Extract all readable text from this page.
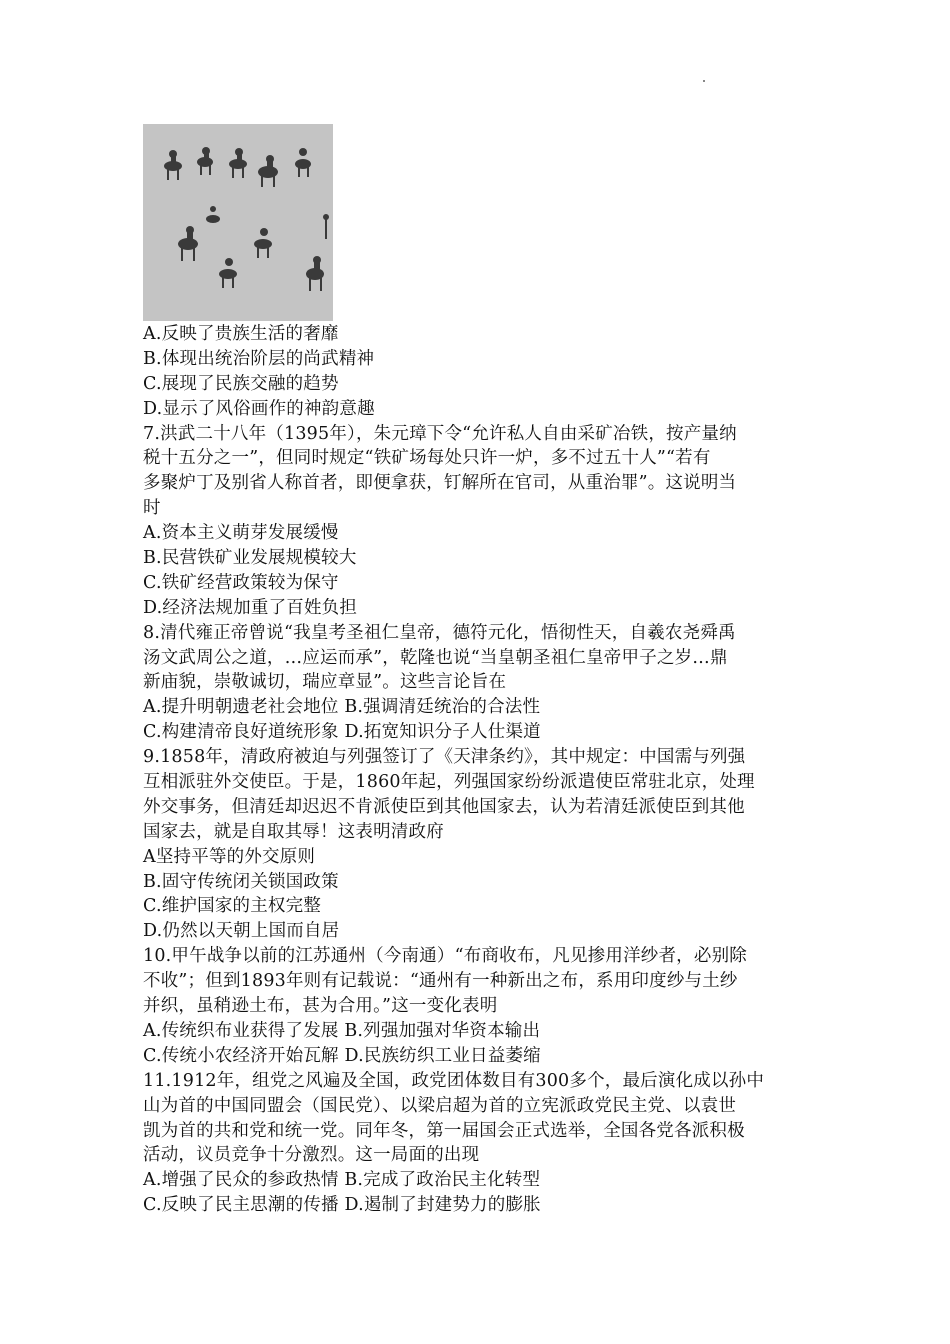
A.反映了贵族生活的奢靡
B.体现出统治阶层的尚武精神
C.展现了民族交融的趋势
D.显示了风俗画作的神韵意趣
7.洪武二十八年（1395年），朱元璋下令“允许私人自由采矿冶铁，按产量纳
税十五分之一”，但同时规定“铁矿场每处只许一炉，多不过五十人”“若有
多聚炉丁及别省人称首者，即便拿获，钉解所在官司，从重治罪”。这说明当
时
A.资本主义萌芽发展缓慢
B.民营铁矿业发展规模较大
C.铁矿经营政策较为保守
D.经济法规加重了百姓负担
8.清代雍正帝曾说“我皇考圣祖仁皇帝，德符元化，悟彻性天，自羲农尧舜禹
汤文武周公之道，…应运而承”，乾隆也说“当皇朝圣祖仁皇帝甲子之岁…鼎
新庙貌，崇敬诚切，瑞应章显”。这些言论旨在
A.提升明朝遗老社会地位 B.强调清廷统治的合法性
C.构建清帝良好道统形象 D.拓宽知识分子人仕渠道
9.1858年，清政府被迫与列强签订了《天津条约》，其中规定：中国需与列强
互相派驻外交使臣。于是，1860年起，列强国家纷纷派遣使臣常驻北京，处理
外交事务，但清廷却迟迟不肯派使臣到其他国家去，认为若清廷派使臣到其他
国家去，就是自取其辱！这表明清政府
A坚持平等的外交原则
B.固守传统闭关锁国政策
C.维护国家的主权完整
D.仍然以天朝上国而自居
10.甲午战争以前的江苏通州（今南通）“布商收布，凡见掺用洋纱者，必别除
不收”；但到1893年则有记载说：“通州有一种新出之布，系用印度纱与土纱
并织，虽稍逊土布，甚为合用。”这一变化表明
A.传统织布业获得了发展 B.列强加强对华资本输出
C.传统小农经济开始瓦解 D.民族纺织工业日益萎缩
11.1912年，组党之风遍及全国，政党团体数目有300多个，最后演化成以孙中
山为首的中国同盟会（国民党）、以梁启超为首的立宪派政党民主党、以袁世
凯为首的共和党和统一党。同年冬，第一届国会正式选举，全国各党各派积极
活动，议员竞争十分激烈。这一局面的出现
A.增强了民众的参政热情 B.完成了政治民主化转型
C.反映了民主思潮的传播 D.遏制了封建势力的膨胀
